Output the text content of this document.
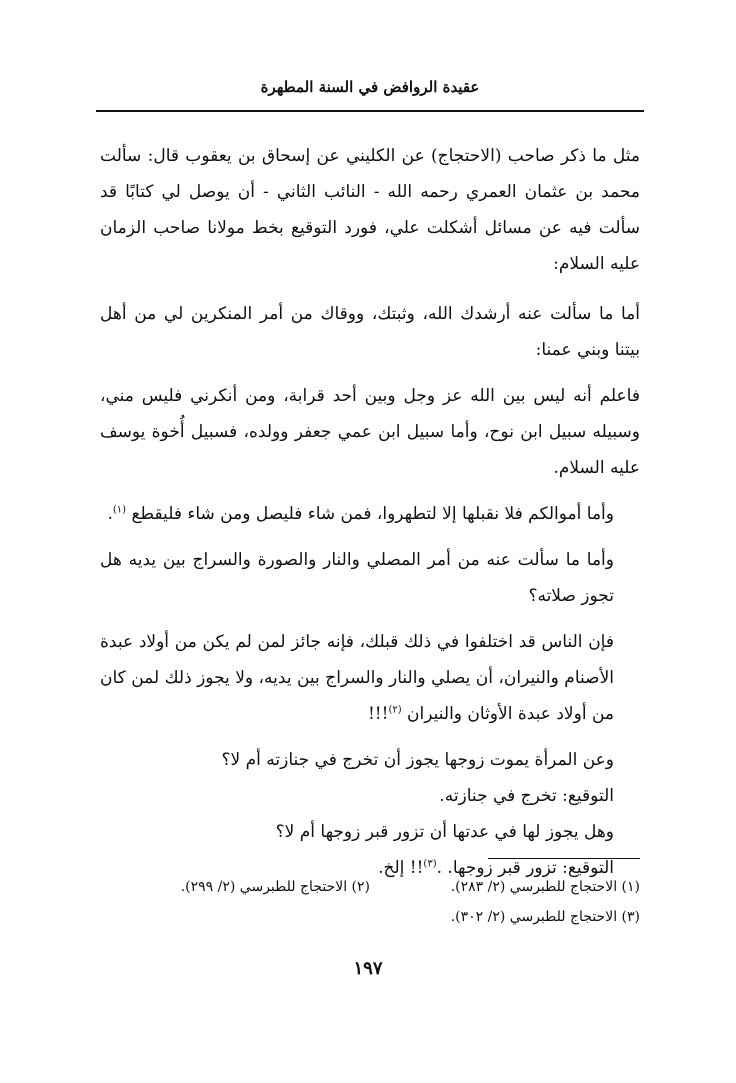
عقيدة الروافض في السنة المطهرة

مثل ما ذكر صاحب (الاحتجاج) عن الكليني عن إسحاق بن يعقوب قال: سألت محمد بن عثمان العمري رحمه الله - النائب الثاني - أن يوصل لي كتابًا قد سألت فيه عن مسائل أشكلت علي، فورد التوقيع بخط مولانا صاحب الزمان عليه السلام:

أما ما سألت عنه أرشدك الله، وثبتك، ووقاك من أمر المنكرين لي من أهل بيتنا وبني عمنا:

فاعلم أنه ليس بين الله عز وجل وبين أحد قرابة، ومن أنكرني فليس مني، وسبيله سبيل ابن نوح، وأما سبيل ابن عمي جعفر وولده، فسبيل أُخوة يوسف عليه السلام.

وأما أموالكم فلا نقبلها إلا لتطهروا، فمن شاء فليصل ومن شاء فليقطع $^{(١)}$.

وأما ما سألت عنه من أمر المصلي والنار والصورة والسراج بين يديه هل تجوز صلاته؟

فإن الناس قد اختلفوا في ذلك قبلك، فإنه جائز لمن لم يكن من أولاد عبدة الأصنام والنيران، أن يصلي والنار والسراج بين يديه، ولا يجوز ذلك لمن كان من أولاد عبدة الأوثان والنيران $^{(٢)}$!!!

وعن المرأة يموت زوجها يجوز أن تخرج في جنازته أم لا؟

التوقيع: تخرج في جنازته.

وهل يجوز لها في عدتها أن تزور قبر زوجها أم لا؟

التوقيع: تزور قبر زوجها. .$^{(٣)}$!! إلخ.

(١) الاحتجاج للطبرسي (٢/ ٢٨٣).
(٢) الاحتجاج للطبرسي (٢/ ٢٩٩).
(٣) الاحتجاج للطبرسي (٢/ ٣٠٢).
١٩٧
